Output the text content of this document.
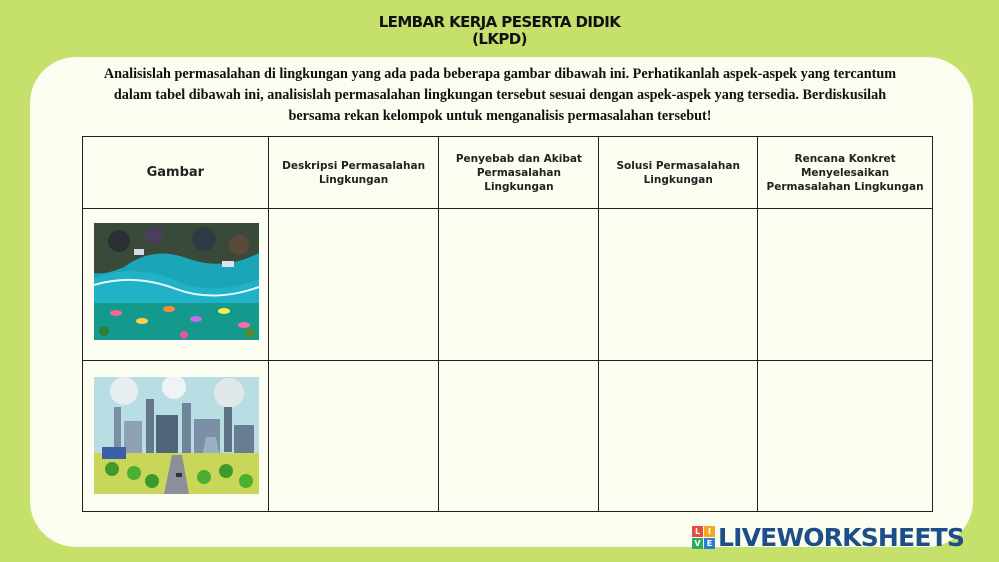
LEMBAR KERJA PESERTA DIDIK
(LKPD)

Analisislah permasalahan di lingkungan yang ada pada beberapa gambar dibawah ini. Perhatikanlah aspek-aspek yang tercantum dalam tabel dibawah ini, analisislah permasalahan lingkungan tersebut sesuai dengan aspek-aspek yang tersedia. Berdiskusilah bersama rekan kelompok untuk menganalisis permasalahan tersebut!

Gambar	Deskripsi Permasalahan Lingkungan	Penyebab dan Akibat Permasalahan Lingkungan	Solusi Permasalahan Lingkungan	Rencana Konkret Menyelesaikan Permasalahan Lingkungan

L I
V E LIVEWORKSHEETS
